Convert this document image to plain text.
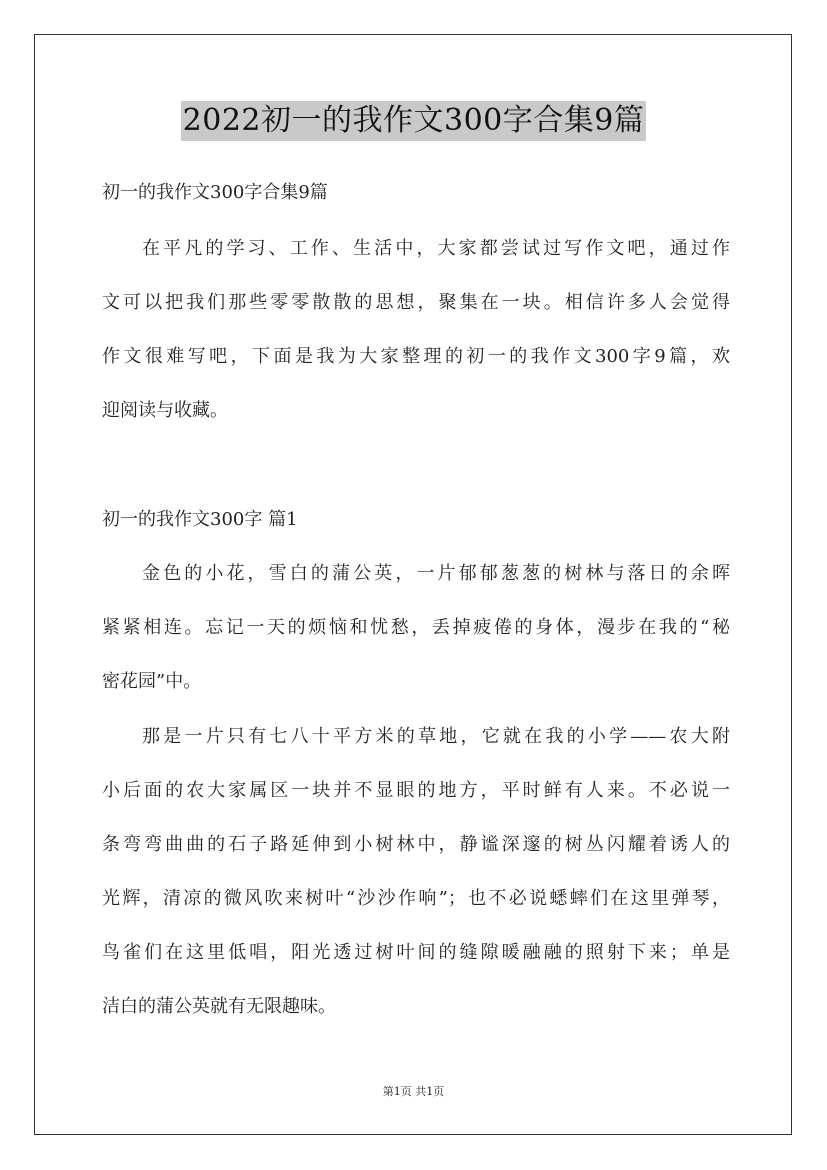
2022初一的我作文300字合集9篇
初一的我作文300字合集9篇
在平凡的学习、工作、生活中，大家都尝试过写作文吧，通过作
文可以把我们那些零零散散的思想，聚集在一块。相信许多人会觉得
作文很难写吧，下面是我为大家整理的初一的我作文300字9篇，欢
迎阅读与收藏。
初一的我作文300字 篇1
金色的小花，雪白的蒲公英，一片郁郁葱葱的树林与落日的余晖
紧紧相连。忘记一天的烦恼和忧愁，丢掉疲倦的身体，漫步在我的“秘
密花园”中。
那是一片只有七八十平方米的草地，它就在我的小学——农大附
小后面的农大家属区一块并不显眼的地方，平时鲜有人来。不必说一
条弯弯曲曲的石子路延伸到小树林中，静谧深邃的树丛闪耀着诱人的
光辉，清凉的微风吹来树叶“沙沙作响”；也不必说蟋蟀们在这里弹琴，
鸟雀们在这里低唱，阳光透过树叶间的缝隙暖融融的照射下来；单是
洁白的蒲公英就有无限趣味。
第1页 共1页
